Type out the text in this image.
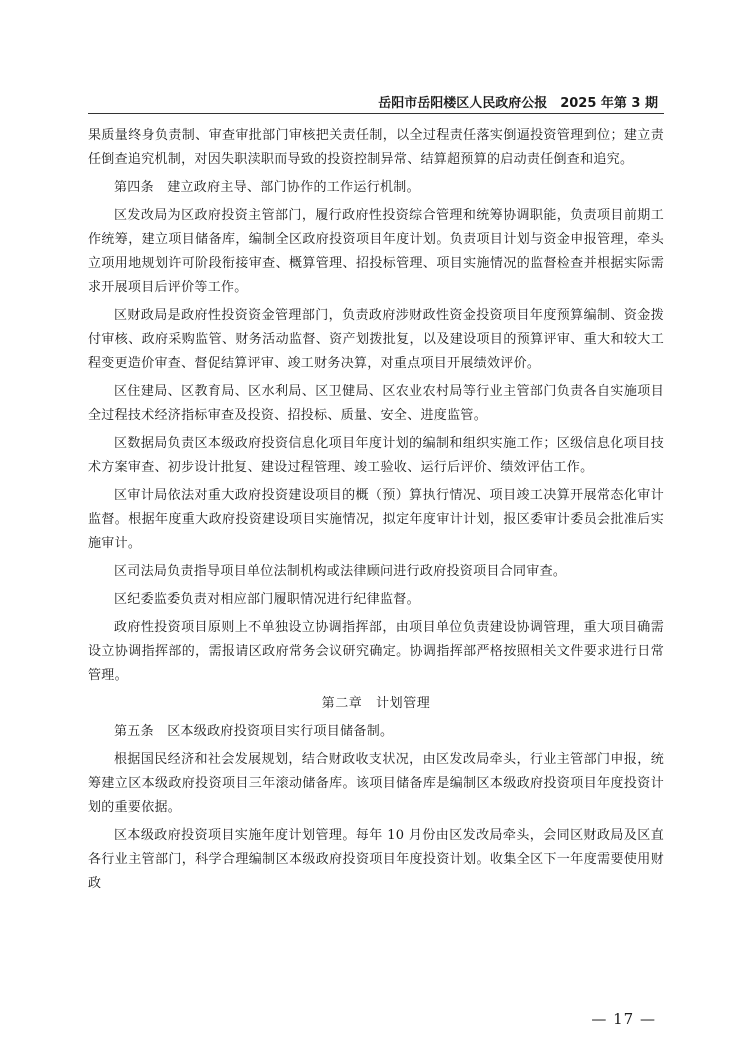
岳阳市岳阳楼区人民政府公报　2025 年第 3 期

果质量终身负责制、审查审批部门审核把关责任制，以全过程责任落实倒逼投资管理到位；建立责任倒查追究机制，对因失职渎职而导致的投资控制异常、结算超预算的启动责任倒查和追究。

第四条　建立政府主导、部门协作的工作运行机制。

区发改局为区政府投资主管部门，履行政府性投资综合管理和统筹协调职能，负责项目前期工作统筹，建立项目储备库，编制全区政府投资项目年度计划。负责项目计划与资金申报管理，牵头立项用地规划许可阶段衔接审查、概算管理、招投标管理、项目实施情况的监督检查并根据实际需求开展项目后评价等工作。

区财政局是政府性投资资金管理部门，负责政府涉财政性资金投资项目年度预算编制、资金拨付审核、政府采购监管、财务活动监督、资产划拨批复，以及建设项目的预算评审、重大和较大工程变更造价审查、督促结算评审、竣工财务决算，对重点项目开展绩效评价。

区住建局、区教育局、区水利局、区卫健局、区农业农村局等行业主管部门负责各自实施项目全过程技术经济指标审查及投资、招投标、质量、安全、进度监管。

区数据局负责区本级政府投资信息化项目年度计划的编制和组织实施工作；区级信息化项目技术方案审查、初步设计批复、建设过程管理、竣工验收、运行后评价、绩效评估工作。

区审计局依法对重大政府投资建设项目的概（预）算执行情况、项目竣工决算开展常态化审计监督。根据年度重大政府投资建设项目实施情况，拟定年度审计计划，报区委审计委员会批准后实施审计。

区司法局负责指导项目单位法制机构或法律顾问进行政府投资项目合同审查。

区纪委监委负责对相应部门履职情况进行纪律监督。

政府性投资项目原则上不单独设立协调指挥部，由项目单位负责建设协调管理，重大项目确需设立协调指挥部的，需报请区政府常务会议研究确定。协调指挥部严格按照相关文件要求进行日常管理。

第二章　计划管理

第五条　区本级政府投资项目实行项目储备制。

根据国民经济和社会发展规划，结合财政收支状况，由区发改局牵头，行业主管部门申报，统筹建立区本级政府投资项目三年滚动储备库。该项目储备库是编制区本级政府投资项目年度投资计划的重要依据。

区本级政府投资项目实施年度计划管理。每年 10 月份由区发改局牵头，会同区财政局及区直各行业主管部门，科学合理编制区本级政府投资项目年度投资计划。收集全区下一年度需要使用财政

— 17 —
